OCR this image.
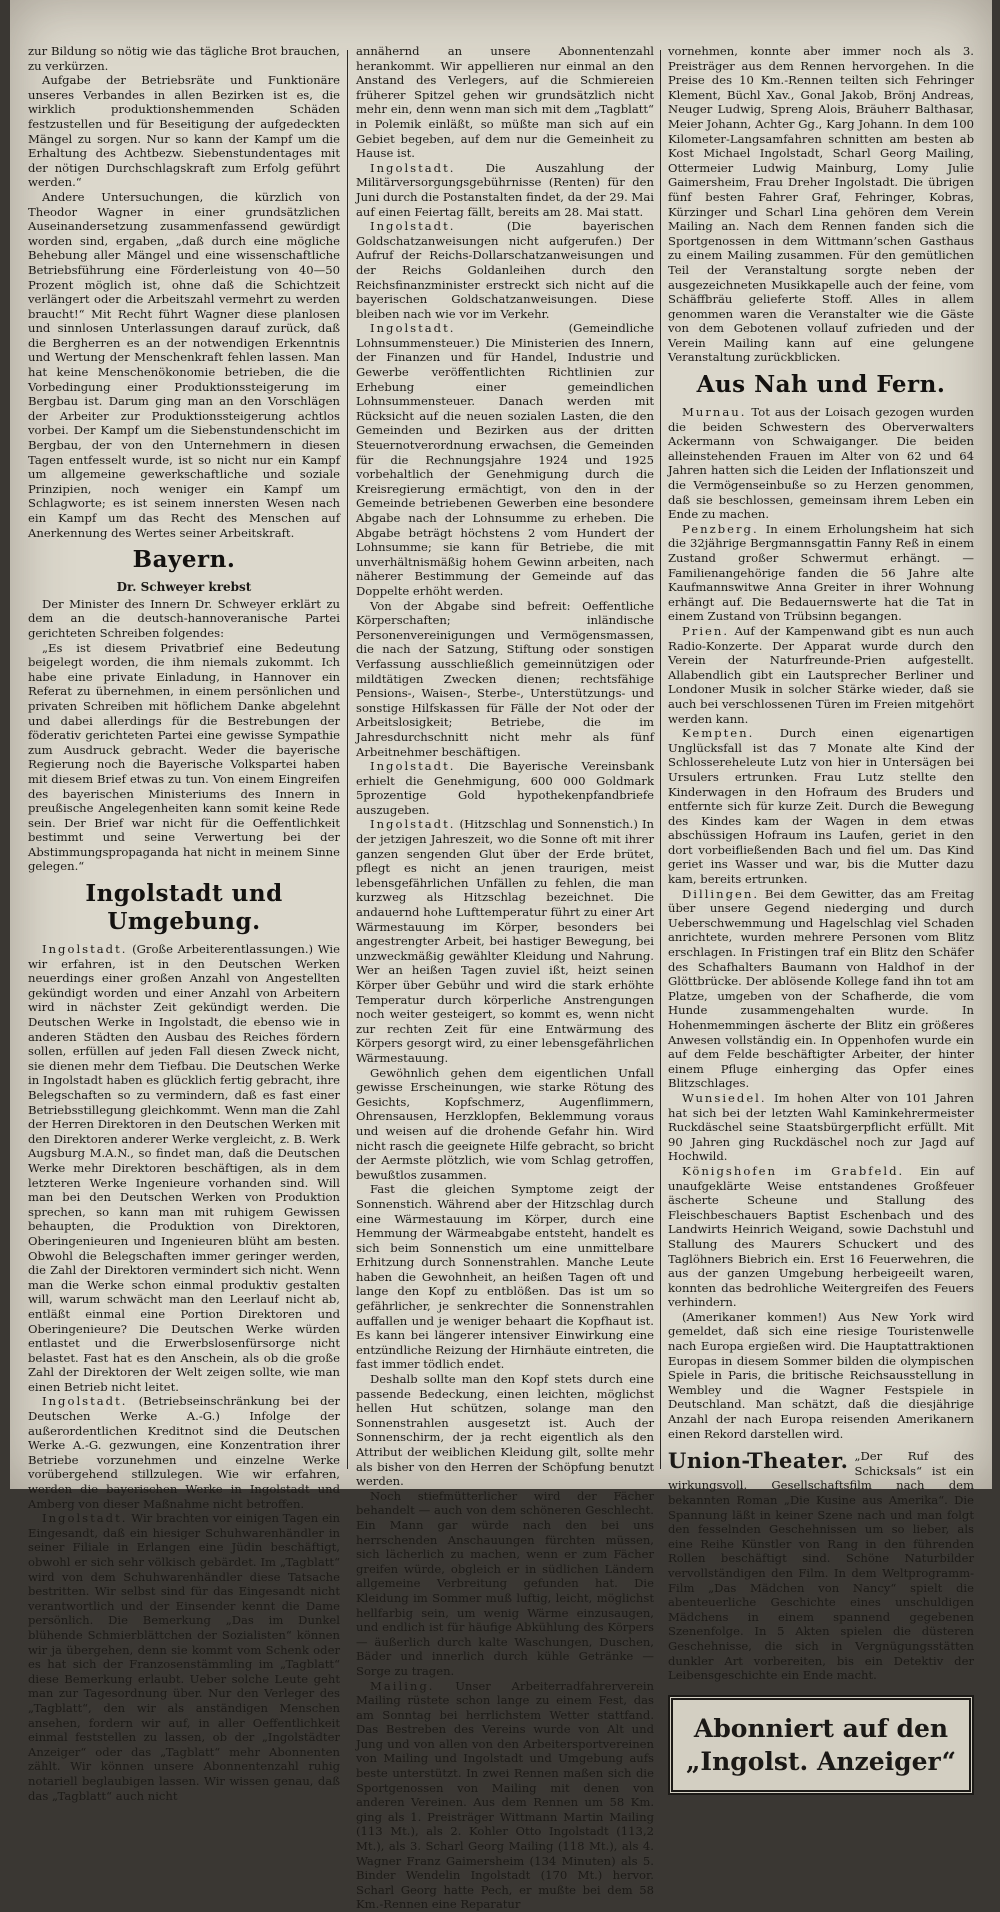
zur Bildung so nötig wie das tägliche Brot brauchen, zu verkürzen.

Aufgabe der Betriebsräte und Funktionäre unseres Verbandes in allen Bezirken ist es, die wirklich produktionshemmenden Schäden festzustellen und für Beseitigung der aufgedeckten Mängel zu sorgen. Nur so kann der Kampf um die Erhaltung des Achtbezw. Siebenstundentages mit der nötigen Durchschlagskraft zum Erfolg geführt werden.“

Andere Untersuchungen, die kürzlich von Theodor Wagner in einer grundsätzlichen Auseinandersetzung zusammenfassend gewürdigt worden sind, ergaben, „daß durch eine mögliche Behebung aller Mängel und eine wissenschaftliche Betriebsführung eine Förderleistung von 40—50 Prozent möglich ist, ohne daß die Schichtzeit verlängert oder die Arbeitszahl vermehrt zu werden braucht!“ Mit Recht führt Wagner diese planlosen und sinnlosen Unterlassungen darauf zurück, daß die Bergherren es an der notwendigen Erkenntnis und Wertung der Menschenkraft fehlen lassen. Man hat keine Menschenökonomie betrieben, die die Vorbedingung einer Produktionssteigerung im Bergbau ist. Darum ging man an den Vorschlägen der Arbeiter zur Produktionssteigerung achtlos vorbei. Der Kampf um die Siebenstundenschicht im Bergbau, der von den Unternehmern in diesen Tagen entfesselt wurde, ist so nicht nur ein Kampf um allgemeine gewerkschaftliche und soziale Prinzipien, noch weniger ein Kampf um Schlagworte; es ist seinem innersten Wesen nach ein Kampf um das Recht des Menschen auf Anerkennung des Wertes seiner Arbeitskraft.

Bayern.
Dr. Schweyer krebst

Der Minister des Innern Dr. Schweyer erklärt zu dem an die deutsch-hannoveranische Partei gerichteten Schreiben folgendes:

„Es ist diesem Privatbrief eine Bedeutung beigelegt worden, die ihm niemals zukommt. Ich habe eine private Einladung, in Hannover ein Referat zu übernehmen, in einem persönlichen und privaten Schreiben mit höflichem Danke abgelehnt und dabei allerdings für die Bestrebungen der föderativ gerichteten Partei eine gewisse Sympathie zum Ausdruck gebracht. Weder die bayerische Regierung noch die Bayerische Volkspartei haben mit diesem Brief etwas zu tun. Von einem Eingreifen des bayerischen Ministeriums des Innern in preußische Angelegenheiten kann somit keine Rede sein. Der Brief war nicht für die Oeffentlichkeit bestimmt und seine Verwertung bei der Abstimmungspropaganda hat nicht in meinem Sinne gelegen.“

Ingolstadt und Umgebung.

Ingolstadt. (Große Arbeiterentlassungen.) Wie wir erfahren, ist in den Deutschen Werken neuerdings einer großen Anzahl von Angestellten gekündigt worden und einer Anzahl von Arbeitern wird in nächster Zeit gekündigt werden. Die Deutschen Werke in Ingolstadt, die ebenso wie in anderen Städten den Ausbau des Reiches fördern sollen, erfüllen auf jeden Fall diesen Zweck nicht, sie dienen mehr dem Tiefbau. Die Deutschen Werke in Ingolstadt haben es glücklich fertig gebracht, ihre Belegschaften so zu vermindern, daß es fast einer Betriebsstillegung gleichkommt. Wenn man die Zahl der Herren Direktoren in den Deutschen Werken mit den Direktoren anderer Werke vergleicht, z. B. Werk Augsburg M.A.N., so findet man, daß die Deutschen Werke mehr Direktoren beschäftigen, als in dem letzteren Werke Ingenieure vorhanden sind. Will man bei den Deutschen Werken von Produktion sprechen, so kann man mit ruhigem Gewissen behaupten, die Produktion von Direktoren, Oberingenieuren und Ingenieuren blüht am besten. Obwohl die Belegschaften immer geringer werden, die Zahl der Direktoren vermindert sich nicht. Wenn man die Werke schon einmal produktiv gestalten will, warum schwächt man den Leerlauf nicht ab, entläßt einmal eine Portion Direktoren und Oberingenieure? Die Deutschen Werke würden entlastet und die Erwerbslosenfürsorge nicht belastet. Fast hat es den Anschein, als ob die große Zahl der Direktoren der Welt zeigen sollte, wie man einen Betrieb nicht leitet.

Ingolstadt. (Betriebseinschränkung bei der Deutschen Werke A.-G.) Infolge der außerordentlichen Kreditnot sind die Deutschen Werke A.-G. gezwungen, eine Konzentration ihrer Betriebe vorzunehmen und einzelne Werke vorübergehend stillzulegen. Wie wir erfahren, werden die bayerischen Werke in Ingolstadt und Amberg von dieser Maßnahme nicht betroffen.

Ingolstadt. Wir brachten vor einigen Tagen ein Eingesandt, daß ein hiesiger Schuhwarenhändler in seiner Filiale in Erlangen eine Jüdin beschäftigt, obwohl er sich sehr völkisch gebärdet. Im „Tagblatt“ wird von dem Schuhwarenhändler diese Tatsache bestritten. Wir selbst sind für das Eingesandt nicht verantwortlich und der Einsender kennt die Dame persönlich. Die Bemerkung „Das im Dunkel blühende Schmierblättchen der Sozialisten“ können wir ja übergehen, denn sie kommt vom Schenk oder es hat sich der Franzosenstämmling im „Tagblatt“ diese Bemerkung erlaubt. Ueber solche Leute geht man zur Tagesordnung über. Nur den Verleger des „Tagblatt“, den wir als anständigen Menschen ansehen, fordern wir auf, in aller Oeffentlichkeit einmal feststellen zu lassen, ob der „Ingolstädter Anzeiger“ oder das „Tagblatt“ mehr Abonnenten zählt. Wir können unsere Abonnentenzahl ruhig notariell beglaubigen lassen. Wir wissen genau, daß das „Tagblatt“ auch nicht

annähernd an unsere Abonnentenzahl herankommt. Wir appellieren nur einmal an den Anstand des Verlegers, auf die Schmiereien früherer Spitzel gehen wir grundsätzlich nicht mehr ein, denn wenn man sich mit dem „Tagblatt“ in Polemik einläßt, so müßte man sich auf ein Gebiet begeben, auf dem nur die Gemeinheit zu Hause ist.

Ingolstadt. Die Auszahlung der Militärversorgungsgebührnisse (Renten) für den Juni durch die Postanstalten findet, da der 29. Mai auf einen Feiertag fällt, bereits am 28. Mai statt.

Ingolstadt. (Die bayerischen Goldschatzanweisungen nicht aufgerufen.) Der Aufruf der Reichs-Dollarschatzanweisungen und der Reichs Goldanleihen durch den Reichsfinanzminister erstreckt sich nicht auf die bayerischen Goldschatzanweisungen. Diese bleiben nach wie vor im Verkehr.

Ingolstadt. (Gemeindliche Lohnsummensteuer.) Die Ministerien des Innern, der Finanzen und für Handel, Industrie und Gewerbe veröffentlichten Richtlinien zur Erhebung einer gemeindlichen Lohnsummensteuer. Danach werden mit Rücksicht auf die neuen sozialen Lasten, die den Gemeinden und Bezirken aus der dritten Steuernotverordnung erwachsen, die Gemeinden für die Rechnungsjahre 1924 und 1925 vorbehaltlich der Genehmigung durch die Kreisregierung ermächtigt, von den in der Gemeinde betriebenen Gewerben eine besondere Abgabe nach der Lohnsumme zu erheben. Die Abgabe beträgt höchstens 2 vom Hundert der Lohnsumme; sie kann für Betriebe, die mit unverhältnismäßig hohem Gewinn arbeiten, nach näherer Bestimmung der Gemeinde auf das Doppelte erhöht werden.

Von der Abgabe sind befreit: Oeffentliche Körperschaften; inländische Personenvereinigungen und Vermögensmassen, die nach der Satzung, Stiftung oder sonstigen Verfassung ausschließlich gemeinnützigen oder mildtätigen Zwecken dienen; rechtsfähige Pensions-, Waisen-, Sterbe-, Unterstützungs- und sonstige Hilfskassen für Fälle der Not oder der Arbeitslosigkeit; Betriebe, die im Jahresdurchschnitt nicht mehr als fünf Arbeitnehmer beschäftigen.

Ingolstadt. Die Bayerische Vereinsbank erhielt die Genehmigung, 600 000 Goldmark 5prozentige Gold hypothekenpfandbriefe auszugeben.

Ingolstadt. (Hitzschlag und Sonnenstich.) In der jetzigen Jahreszeit, wo die Sonne oft mit ihrer ganzen sengenden Glut über der Erde brütet, pflegt es nicht an jenen traurigen, meist lebensgefährlichen Unfällen zu fehlen, die man kurzweg als Hitzschlag bezeichnet. Die andauernd hohe Lufttemperatur führt zu einer Art Wärmestauung im Körper, besonders bei angestrengter Arbeit, bei hastiger Bewegung, bei unzweckmäßig gewählter Kleidung und Nahrung. Wer an heißen Tagen zuviel ißt, heizt seinen Körper über Gebühr und wird die stark erhöhte Temperatur durch körperliche Anstrengungen noch weiter gesteigert, so kommt es, wenn nicht zur rechten Zeit für eine Entwärmung des Körpers gesorgt wird, zu einer lebensgefährlichen Wärmestauung.

Gewöhnlich gehen dem eigentlichen Unfall gewisse Erscheinungen, wie starke Rötung des Gesichts, Kopfschmerz, Augenflimmern, Ohrensausen, Herzklopfen, Beklemmung voraus und weisen auf die drohende Gefahr hin. Wird nicht rasch die geeignete Hilfe gebracht, so bricht der Aermste plötzlich, wie vom Schlag getroffen, bewußtlos zusammen.

Fast die gleichen Symptome zeigt der Sonnenstich. Während aber der Hitzschlag durch eine Wärmestauung im Körper, durch eine Hemmung der Wärmeabgabe entsteht, handelt es sich beim Sonnenstich um eine unmittelbare Erhitzung durch Sonnenstrahlen. Manche Leute haben die Gewohnheit, an heißen Tagen oft und lange den Kopf zu entblößen. Das ist um so gefährlicher, je senkrechter die Sonnenstrahlen auffallen und je weniger behaart die Kopfhaut ist. Es kann bei längerer intensiver Einwirkung eine entzündliche Reizung der Hirnhäute eintreten, die fast immer tödlich endet.

Deshalb sollte man den Kopf stets durch eine passende Bedeckung, einen leichten, möglichst hellen Hut schützen, solange man den Sonnenstrahlen ausgesetzt ist. Auch der Sonnenschirm, der ja recht eigentlich als den Attribut der weiblichen Kleidung gilt, sollte mehr als bisher von den Herren der Schöpfung benutzt werden.

Noch stiefmütterlicher wird der Fächer behandelt — auch von dem schöneren Geschlecht. Ein Mann gar würde nach den bei uns herrschenden Anschauungen fürchten müssen, sich lächerlich zu machen, wenn er zum Fächer greifen würde, obgleich er in südlichen Ländern allgemeine Verbreitung gefunden hat. Die Kleidung im Sommer muß luftig, leicht, möglichst hellfarbig sein, um wenig Wärme einzusaugen, und endlich ist für häufige Abkühlung des Körpers — äußerlich durch kalte Waschungen, Duschen, Bäder und innerlich durch kühle Getränke — Sorge zu tragen.

Mailing. Unser Arbeiterradfahrerverein Mailing rüstete schon lange zu einem Fest, das am Sonntag bei herrlichstem Wetter stattfand. Das Bestreben des Vereins wurde von Alt und Jung und von allen von den Arbeitersportvereinen von Mailing und Ingolstadt und Umgebung aufs beste unterstützt. In zwei Rennen maßen sich die Sportgenossen von Mailing mit denen von anderen Vereinen. Aus dem Rennen um 58 Km. ging als 1. Preisträger Wittmann Martin Mailing (113 Mt.), als 2. Kohler Otto Ingolstadt (113,2 Mt.), als 3. Scharl Georg Mailing (118 Mt.), als 4. Wagner Franz Gaimersheim (134 Minuten) als 5. Binder Wendelin Ingolstadt (170 Mt.) hervor. Scharl Georg hatte Pech, er mußte bei dem 58 Km.-Rennen eine Reparatur

vornehmen, konnte aber immer noch als 3. Preisträger aus dem Rennen hervorgehen. In die Preise des 10 Km.-Rennen teilten sich Fehringer Klement, Büchl Xav., Gonal Jakob, Brönj Andreas, Neuger Ludwig, Spreng Alois, Bräuherr Balthasar, Meier Johann, Achter Gg., Karg Johann. In dem 100 Kilometer-Langsamfahren schnitten am besten ab Kost Michael Ingolstadt, Scharl Georg Mailing, Ottermeier Ludwig Mainburg, Lomy Julie Gaimersheim, Frau Dreher Ingolstadt. Die übrigen fünf besten Fahrer Graf, Fehringer, Kobras, Kürzinger und Scharl Lina gehören dem Verein Mailing an. Nach dem Rennen fanden sich die Sportgenossen in dem Wittmann’schen Gasthaus zu einem Mailing zusammen. Für den gemütlichen Teil der Veranstaltung sorgte neben der ausgezeichneten Musikkapelle auch der feine, vom Schäffbräu gelieferte Stoff. Alles in allem genommen waren die Veranstalter wie die Gäste von dem Gebotenen vollauf zufrieden und der Verein Mailing kann auf eine gelungene Veranstaltung zurückblicken.

Aus Nah und Fern.

Murnau. Tot aus der Loisach gezogen wurden die beiden Schwestern des Oberverwalters Ackermann von Schwaiganger. Die beiden alleinstehenden Frauen im Alter von 62 und 64 Jahren hatten sich die Leiden der Inflationszeit und die Vermögenseinbuße so zu Herzen genommen, daß sie beschlossen, gemeinsam ihrem Leben ein Ende zu machen.

Penzberg. In einem Erholungsheim hat sich die 32jährige Bergmannsgattin Fanny Reß in einem Zustand großer Schwermut erhängt. — Familienangehörige fanden die 56 Jahre alte Kaufmannswitwe Anna Greiter in ihrer Wohnung erhängt auf. Die Bedauernswerte hat die Tat in einem Zustand von Trübsinn begangen.

Prien. Auf der Kampenwand gibt es nun auch Radio-Konzerte. Der Apparat wurde durch den Verein der Naturfreunde-Prien aufgestellt. Allabendlich gibt ein Lautsprecher Berliner und Londoner Musik in solcher Stärke wieder, daß sie auch bei verschlossenen Türen im Freien mitgehört werden kann.

Kempten. Durch einen eigenartigen Unglücksfall ist das 7 Monate alte Kind der Schlossereheleute Lutz von hier in Untersägen bei Ursulers ertrunken. Frau Lutz stellte den Kinderwagen in den Hofraum des Bruders und entfernte sich für kurze Zeit. Durch die Bewegung des Kindes kam der Wagen in dem etwas abschüssigen Hofraum ins Laufen, geriet in den dort vorbeifließenden Bach und fiel um. Das Kind geriet ins Wasser und war, bis die Mutter dazu kam, bereits ertrunken.

Dillingen. Bei dem Gewitter, das am Freitag über unsere Gegend niederging und durch Ueberschwemmung und Hagelschlag viel Schaden anrichtete, wurden mehrere Personen vom Blitz erschlagen. In Fristingen traf ein Blitz den Schäfer des Schafhalters Baumann von Haldhof in der Glöttbrücke. Der ablösende Kollege fand ihn tot am Platze, umgeben von der Schafherde, die vom Hunde zusammengehalten wurde. In Hohenmemmingen äscherte der Blitz ein größeres Anwesen vollständig ein. In Oppenhofen wurde ein auf dem Felde beschäftigter Arbeiter, der hinter einem Pfluge einherging das Opfer eines Blitzschlages.

Wunsiedel. Im hohen Alter von 101 Jahren hat sich bei der letzten Wahl Kaminkehrermeister Ruckdäschel seine Staatsbürgerpflicht erfüllt. Mit 90 Jahren ging Ruckdäschel noch zur Jagd auf Hochwild.

Königshofen im Grabfeld. Ein auf unaufgeklärte Weise entstandenes Großfeuer äscherte Scheune und Stallung des Fleischbeschauers Baptist Eschenbach und des Landwirts Heinrich Weigand, sowie Dachstuhl und Stallung des Maurers Schuckert und des Taglöhners Biebrich ein. Erst 16 Feuerwehren, die aus der ganzen Umgebung herbeigeeilt waren, konnten das bedrohliche Weitergreifen des Feuers verhindern.

(Amerikaner kommen!) Aus New York wird gemeldet, daß sich eine riesige Touristenwelle nach Europa ergießen wird. Die Hauptattraktionen Europas in diesem Sommer bilden die olympischen Spiele in Paris, die britische Reichsausstellung in Wembley und die Wagner Festspiele in Deutschland. Man schätzt, daß die diesjährige Anzahl der nach Europa reisenden Amerikanern einen Rekord darstellen wird.

Union-Theater. „Der Ruf des Schicksals“ ist ein wirkungsvoll. Gesellschaftsfilm nach dem bekannten Roman „Die Kusine aus Amerika“. Die Spannung läßt in keiner Szene nach und man folgt den fesselnden Geschehnissen um so lieber, als eine Reihe Künstler von Rang in den führenden Rollen beschäftigt sind. Schöne Naturbilder vervollständigen den Film. In dem Weltprogramm-Film „Das Mädchen von Nancy“ spielt die abenteuerliche Geschichte eines unschuldigen Mädchens in einem spannend gegebenen Szenenfolge. In 5 Akten spielen die düsteren Geschehnisse, die sich in Vergnügungsstätten dunkler Art vorbereiten, bis ein Detektiv der Leibensgeschichte ein Ende macht.

Abonniert auf den
„Ingolst. Anzeiger“
